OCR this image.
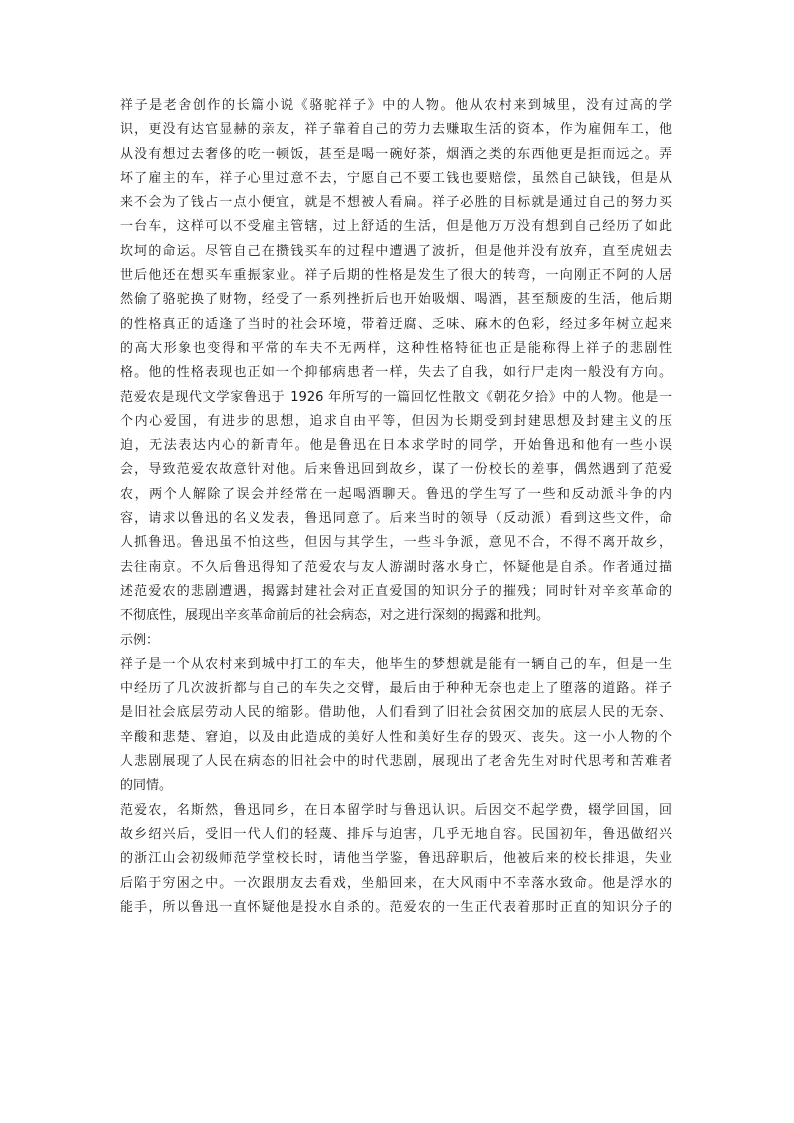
祥子是老舍创作的长篇小说《骆驼祥子》中的人物。他从农村来到城里，没有过高的学
识，更没有达官显赫的亲友，祥子靠着自己的劳力去赚取生活的资本，作为雇佣车工，他
从没有想过去奢侈的吃一顿饭，甚至是喝一碗好茶，烟酒之类的东西他更是拒而远之。弄
坏了雇主的车，祥子心里过意不去，宁愿自己不要工钱也要赔偿，虽然自己缺钱，但是从
来不会为了钱占一点小便宜，就是不想被人看扁。祥子必胜的目标就是通过自己的努力买
一台车，这样可以不受雇主管辖，过上舒适的生活，但是他万万没有想到自己经历了如此
坎坷的命运。尽管自己在攒钱买车的过程中遭遇了波折，但是他并没有放弃，直至虎妞去
世后他还在想买车重振家业。祥子后期的性格是发生了很大的转弯，一向刚正不阿的人居
然偷了骆驼换了财物，经受了一系列挫折后也开始吸烟、喝酒，甚至颓废的生活，他后期
的性格真正的适逢了当时的社会环境，带着迂腐、乏味、麻木的色彩，经过多年树立起来
的高大形象也变得和平常的车夫不无两样，这种性格特征也正是能称得上祥子的悲剧性
格。他的性格表现也正如一个抑郁病患者一样，失去了自我，如行尸走肉一般没有方向。
范爱农是现代文学家鲁迅于 1926 年所写的一篇回忆性散文《朝花夕拾》中的人物。他是一
个内心爱国，有进步的思想，追求自由平等，但因为长期受到封建思想及封建主义的压
迫，无法表达内心的新青年。他是鲁迅在日本求学时的同学，开始鲁迅和他有一些小误
会，导致范爱农故意针对他。后来鲁迅回到故乡，谋了一份校长的差事，偶然遇到了范爱
农，两个人解除了误会并经常在一起喝酒聊天。鲁迅的学生写了一些和反动派斗争的内
容，请求以鲁迅的名义发表，鲁迅同意了。后来当时的领导（反动派）看到这些文件，命
人抓鲁迅。鲁迅虽不怕这些，但因与其学生，一些斗争派，意见不合，不得不离开故乡，
去往南京。不久后鲁迅得知了范爱农与友人游湖时落水身亡，怀疑他是自杀。作者通过描
述范爱农的悲剧遭遇，揭露封建社会对正直爱国的知识分子的摧残；同时针对辛亥革命的
不彻底性，展现出辛亥革命前后的社会病态，对之进行深刻的揭露和批判。
示例：
祥子是一个从农村来到城中打工的车夫，他毕生的梦想就是能有一辆自己的车，但是一生
中经历了几次波折都与自己的车失之交臂，最后由于种种无奈也走上了堕落的道路。祥子
是旧社会底层劳动人民的缩影。借助他，人们看到了旧社会贫困交加的底层人民的无奈、
辛酸和悲楚、窘迫，以及由此造成的美好人性和美好生存的毁灭、丧失。这一小人物的个
人悲剧展现了人民在病态的旧社会中的时代悲剧，展现出了老舍先生对时代思考和苦难者
的同情。
范爱农，名斯然，鲁迅同乡，在日本留学时与鲁迅认识。后因交不起学费，辍学回国，回
故乡绍兴后，受旧一代人们的轻蔑、排斥与迫害，几乎无地自容。民国初年，鲁迅做绍兴
的浙江山会初级师范学堂校长时，请他当学鉴，鲁迅辞职后，他被后来的校长排退，失业
后陷于穷困之中。一次跟朋友去看戏，坐船回来，在大风雨中不幸落水致命。他是浮水的
能手，所以鲁迅一直怀疑他是投水自杀的。范爱农的一生正代表着那时正直的知识分子的
